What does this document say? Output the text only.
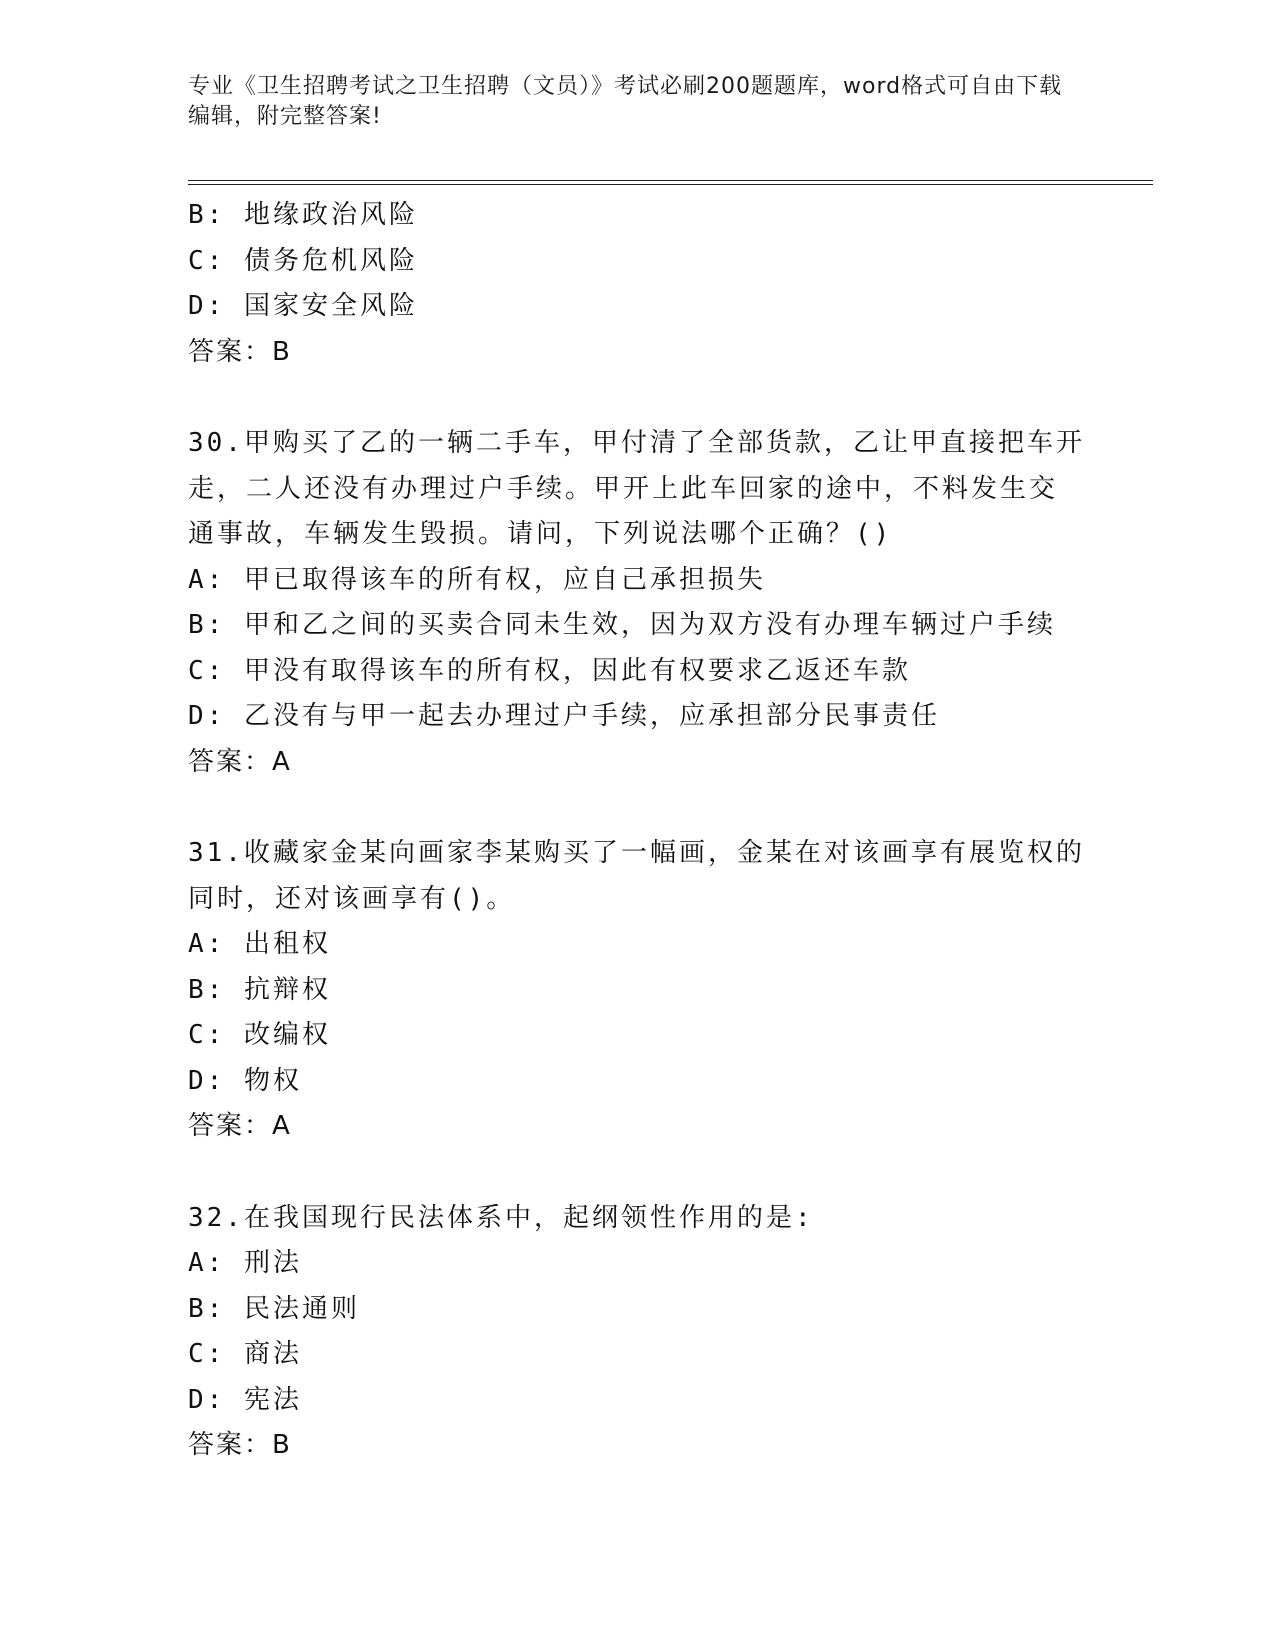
专业《卫生招聘考试之卫生招聘（文员）》考试必刷200题题库，word格式可自由下载编辑，附完整答案!
B: 地缘政治风险
C: 债务危机风险
D: 国家安全风险
答案：B
30.甲购买了乙的一辆二手车，甲付清了全部货款，乙让甲直接把车开
走，二人还没有办理过户手续。甲开上此车回家的途中，不料发生交
通事故，车辆发生毁损。请问，下列说法哪个正确？()
A: 甲已取得该车的所有权，应自己承担损失
B: 甲和乙之间的买卖合同未生效，因为双方没有办理车辆过户手续
C: 甲没有取得该车的所有权，因此有权要求乙返还车款
D: 乙没有与甲一起去办理过户手续，应承担部分民事责任
答案：A
31.收藏家金某向画家李某购买了一幅画，金某在对该画享有展览权的
同时，还对该画享有()。
A: 出租权
B: 抗辩权
C: 改编权
D: 物权
答案：A
32.在我国现行民法体系中，起纲领性作用的是:
A: 刑法
B: 民法通则
C: 商法
D: 宪法
答案：B
